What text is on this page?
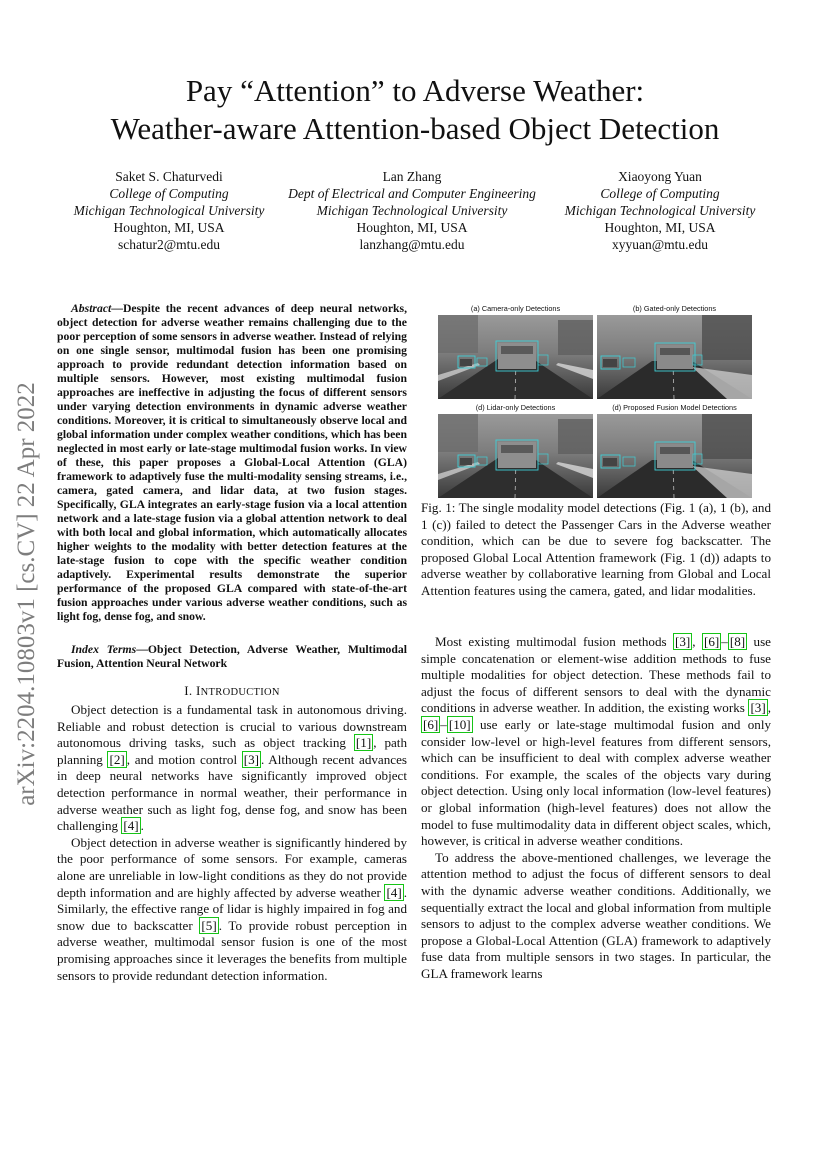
Pay “Attention” to Adverse Weather:
Weather-aware Attention-based Object Detection
Saket S. Chaturvedi
College of Computing
Michigan Technological University
Houghton, MI, USA
schatur2@mtu.edu
Lan Zhang
Dept of Electrical and Computer Engineering
Michigan Technological University
Houghton, MI, USA
lanzhang@mtu.edu
Xiaoyong Yuan
College of Computing
Michigan Technological University
Houghton, MI, USA
xyyuan@mtu.edu
arXiv:2204.10803v1 [cs.CV] 22 Apr 2022
Abstract—Despite the recent advances of deep neural networks, object detection for adverse weather remains challenging due to the poor perception of some sensors in adverse weather. Instead of relying on one single sensor, multimodal fusion has been one promising approach to provide redundant detection information based on multiple sensors. However, most existing multimodal fusion approaches are ineffective in adjusting the focus of different sensors under varying detection environments in dynamic adverse weather conditions. Moreover, it is critical to simultaneously observe local and global information under complex weather conditions, which has been neglected in most early or late-stage multimodal fusion works. In view of these, this paper proposes a Global-Local Attention (GLA) framework to adaptively fuse the multi-modality sensing streams, i.e., camera, gated camera, and lidar data, at two fusion stages. Specifically, GLA integrates an early-stage fusion via a local attention network and a late-stage fusion via a global attention network to deal with both local and global information, which automatically allocates higher weights to the modality with better detection features at the late-stage fusion to cope with the specific weather condition adaptively. Experimental results demonstrate the superior performance of the proposed GLA compared with state-of-the-art fusion approaches under various adverse weather conditions, such as light fog, dense fog, and snow.
Index Terms—Object Detection, Adverse Weather, Multimodal Fusion, Attention Neural Network
I. INTRODUCTION

Object detection is a fundamental task in autonomous driving. Reliable and robust detection is crucial to various downstream autonomous driving tasks, such as object tracking [1] , path planning [2] , and motion control [3] . Although recent advances in deep neural networks have significantly improved object detection performance in normal weather, their performance in adverse weather such as light fog, dense fog, and snow has been challenging [4] .

Object detection in adverse weather is significantly hindered by the poor performance of some sensors. For example, cameras alone are unreliable in low-light conditions as they do not provide depth information and are highly affected by adverse weather [4] . Similarly, the effective range of lidar is highly impaired in fog and snow due to backscatter [5] . To provide robust perception in adverse weather, multimodal sensor fusion is one of the most promising approaches since it leverages the benefits from multiple sensors to provide redundant detection information.

(a) Camera-only Detections	(b) Gated-only Detections
(d) Lidar-only Detections	(d) Proposed Fusion Model Detections
Fig. 1: The single modality model detections (Fig. 1 (a), 1 (b), and 1 (c)) failed to detect the Passenger Cars in the Adverse weather condition, which can be due to severe fog backscatter. The proposed Global Local Attention framework (Fig. 1 (d)) adapts to adverse weather by collaborative learning from Global and Local Attention features using the camera, gated, and lidar modalities.

Most existing multimodal fusion methods [3] , [6] – [8] use simple concatenation or element-wise addition methods to fuse multiple modalities for object detection. These methods fail to adjust the focus of different sensors to deal with the dynamic conditions in adverse weather. In addition, the existing works [3] , [6] – [10] use early or late-stage multimodal fusion and only consider low-level or high-level features from different sensors, which can be insufficient to deal with complex adverse weather conditions. For example, the scales of the objects vary during object detection. Using only local information (low-level features) or global information (high-level features) does not allow the model to fuse multimodality data in different object scales, which, however, is critical in adverse weather conditions.

To address the above-mentioned challenges, we leverage the attention method to adjust the focus of different sensors to deal with the dynamic adverse weather conditions. Additionally, we sequentially extract the local and global information from multiple sensors to adjust to the complex adverse weather conditions. We propose a Global-Local Attention (GLA) framework to adaptively fuse data from multiple sensors in two stages. In particular, the GLA framework learns
